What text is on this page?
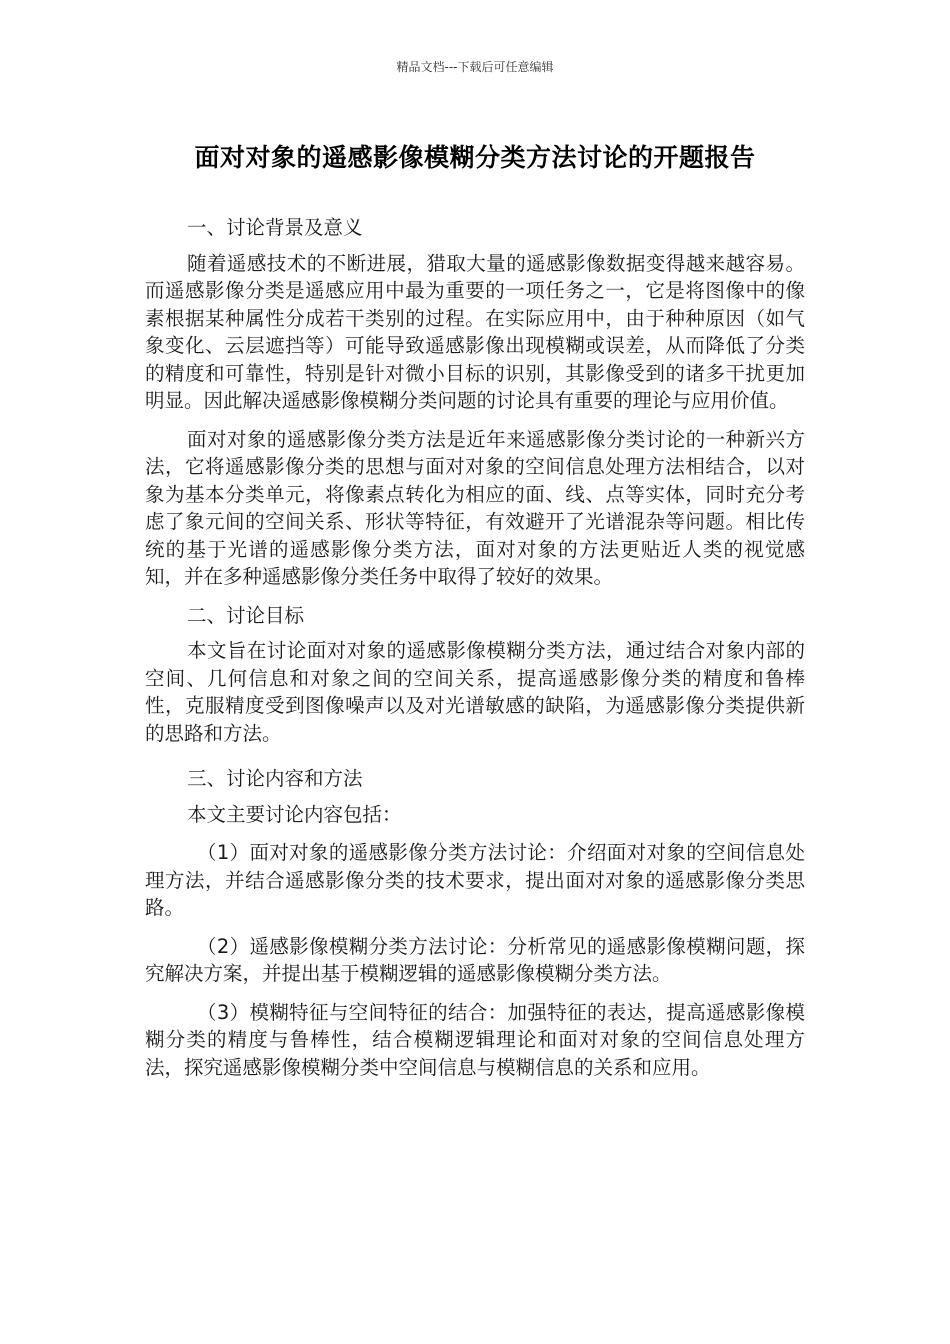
精品文档---下载后可任意编辑
面对对象的遥感影像模糊分类方法讨论的开题报告

一、讨论背景及意义

随着遥感技术的不断进展，猎取大量的遥感影像数据变得越来越容易。而遥感影像分类是遥感应用中最为重要的一项任务之一，它是将图像中的像素根据某种属性分成若干类别的过程。在实际应用中，由于种种原因（如气象变化、云层遮挡等）可能导致遥感影像出现模糊或误差，从而降低了分类的精度和可靠性，特别是针对微小目标的识别，其影像受到的诸多干扰更加明显。因此解决遥感影像模糊分类问题的讨论具有重要的理论与应用价值。

面对对象的遥感影像分类方法是近年来遥感影像分类讨论的一种新兴方法，它将遥感影像分类的思想与面对对象的空间信息处理方法相结合，以对象为基本分类单元，将像素点转化为相应的面、线、点等实体，同时充分考虑了象元间的空间关系、形状等特征，有效避开了光谱混杂等问题。相比传统的基于光谱的遥感影像分类方法，面对对象的方法更贴近人类的视觉感知，并在多种遥感影像分类任务中取得了较好的效果。

二、讨论目标

本文旨在讨论面对对象的遥感影像模糊分类方法，通过结合对象内部的空间、几何信息和对象之间的空间关系，提高遥感影像分类的精度和鲁棒性，克服精度受到图像噪声以及对光谱敏感的缺陷，为遥感影像分类提供新的思路和方法。

三、讨论内容和方法

本文主要讨论内容包括：

（1）面对对象的遥感影像分类方法讨论：介绍面对对象的空间信息处理方法，并结合遥感影像分类的技术要求，提出面对对象的遥感影像分类思路。

（2）遥感影像模糊分类方法讨论：分析常见的遥感影像模糊问题，探究解决方案，并提出基于模糊逻辑的遥感影像模糊分类方法。

（3）模糊特征与空间特征的结合：加强特征的表达，提高遥感影像模糊分类的精度与鲁棒性，结合模糊逻辑理论和面对对象的空间信息处理方法，探究遥感影像模糊分类中空间信息与模糊信息的关系和应用。
